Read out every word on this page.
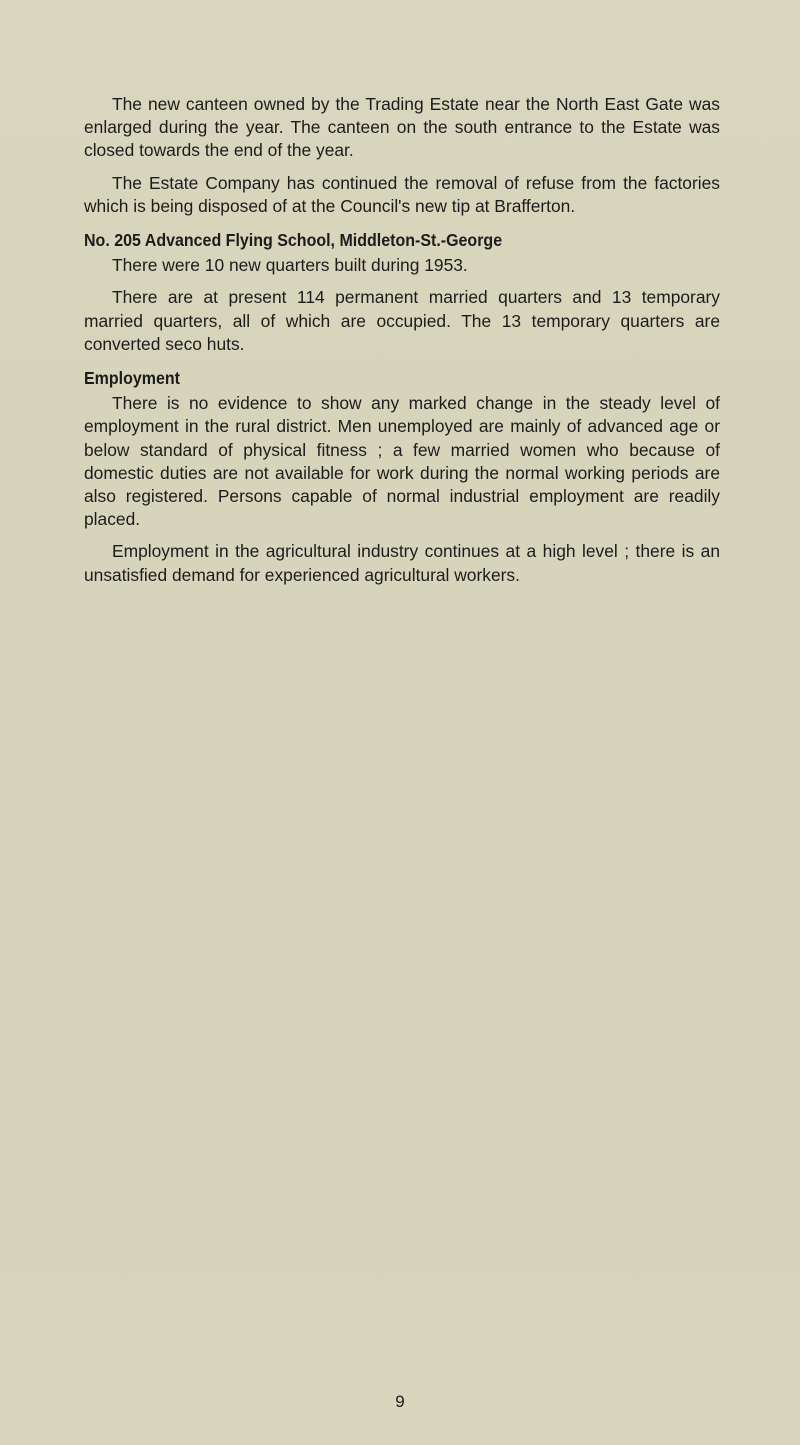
The new canteen owned by the Trading Estate near the North East Gate was enlarged during the year. The canteen on the south entrance to the Estate was closed towards the end of the year.

The Estate Company has continued the removal of refuse from the factories which is being disposed of at the Council's new tip at Brafferton.

No. 205 Advanced Flying School, Middleton-St.-George

There were 10 new quarters built during 1953.

There are at present 114 permanent married quarters and 13 temporary married quarters, all of which are occupied. The 13 temporary quarters are converted seco huts.

Employment

There is no evidence to show any marked change in the steady level of employment in the rural district. Men unemployed are mainly of advanced age or below standard of physical fitness ; a few married women who because of domestic duties are not available for work during the normal working periods are also registered. Persons capable of normal industrial employment are readily placed.

Employment in the agricultural industry continues at a high level ; there is an unsatisfied demand for experienced agricultural workers.

9
